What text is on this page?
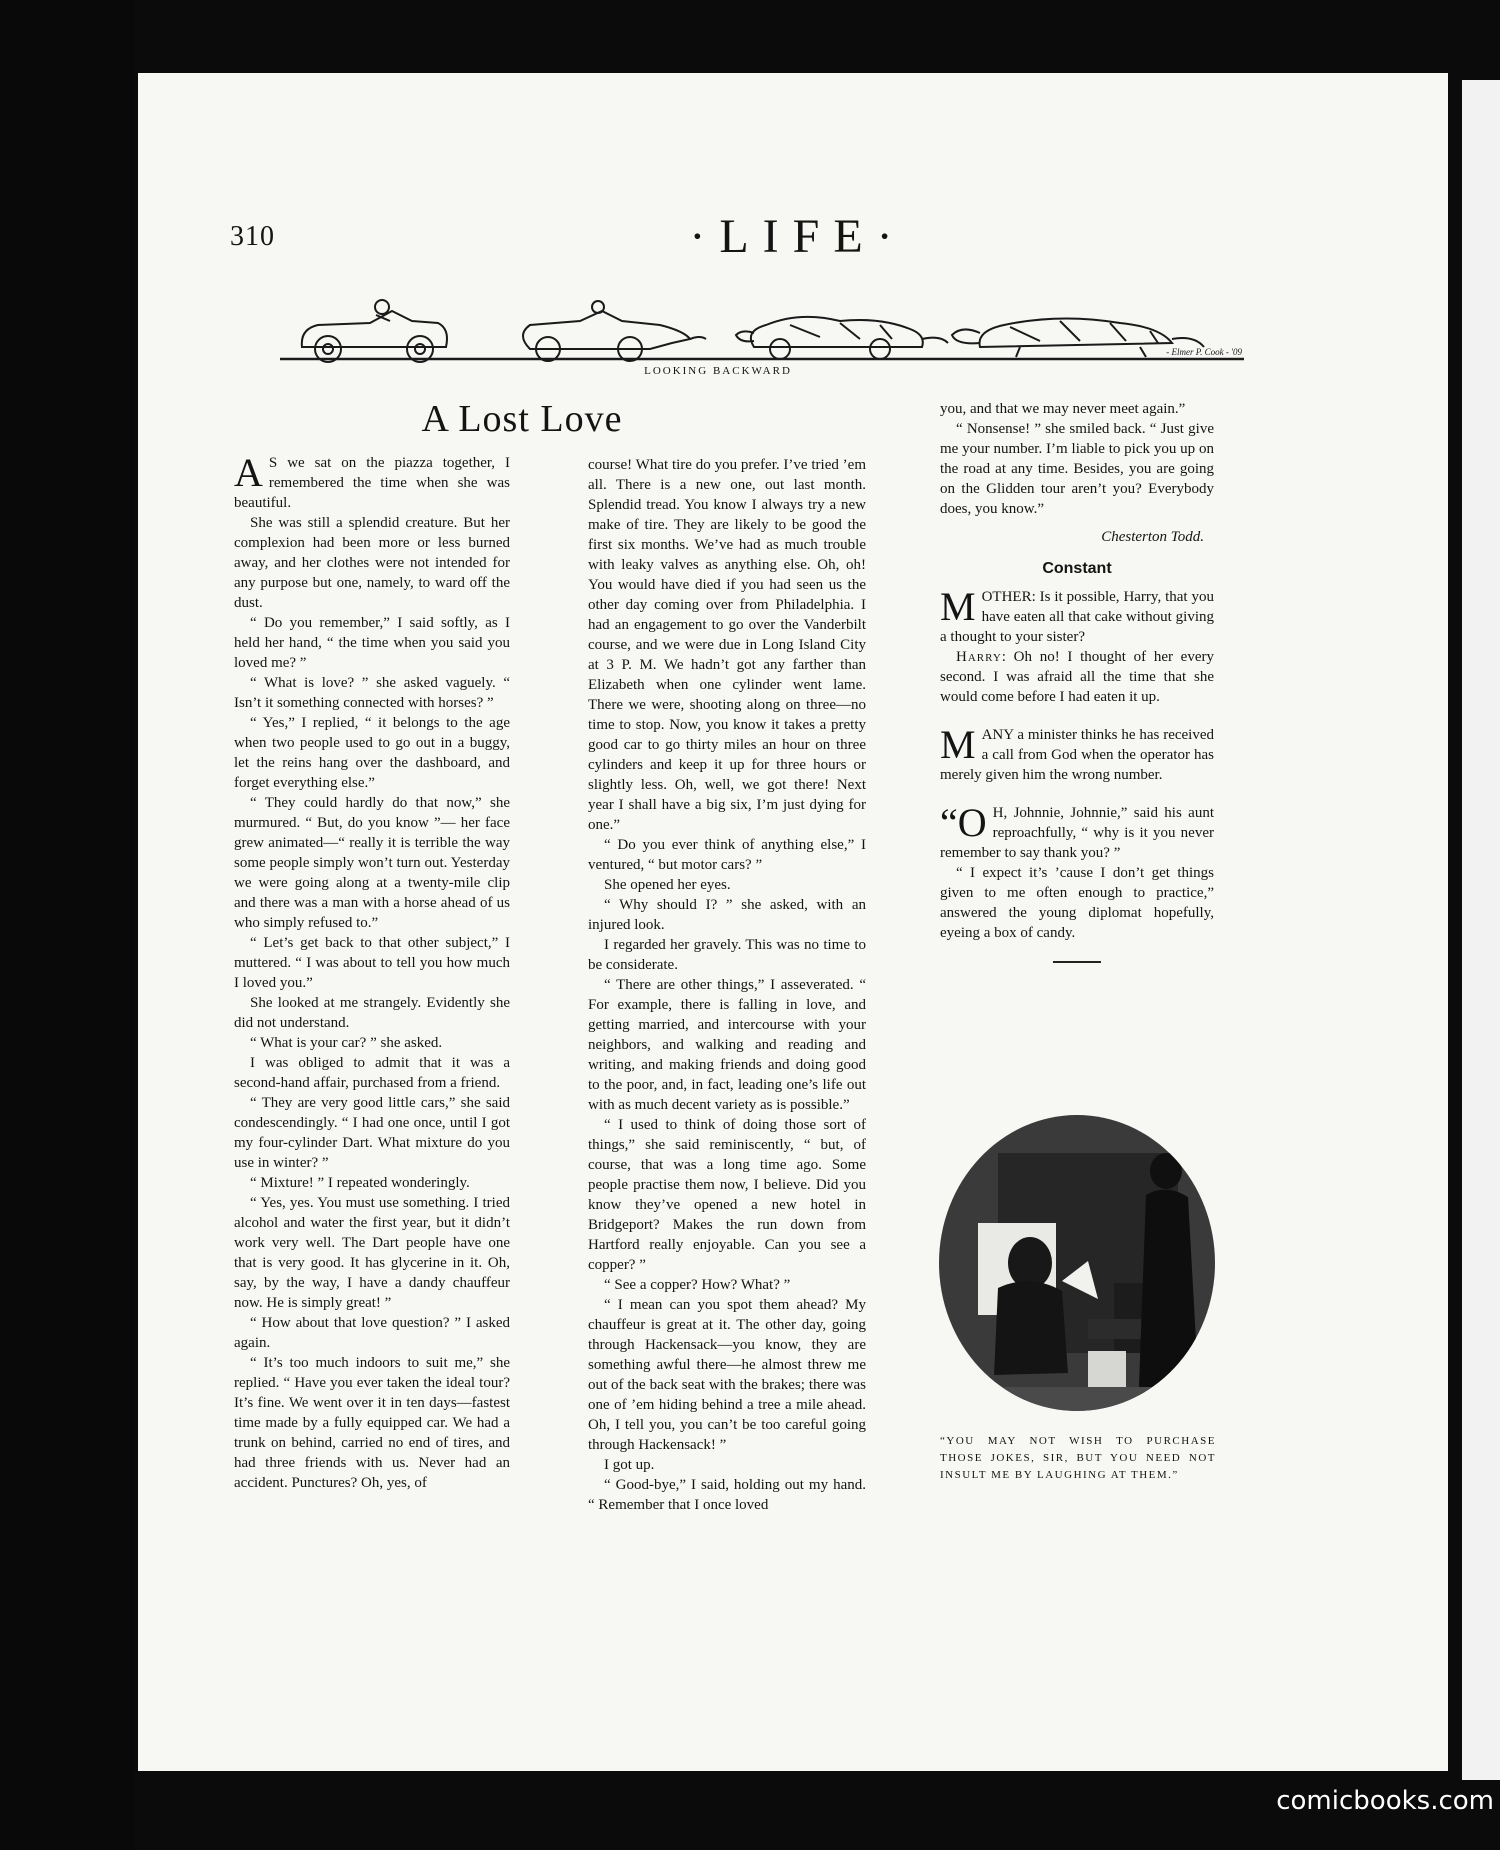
310	·LIFE·
- Elmer P. Cook - '09
LOOKING BACKWARD
A Lost Love

A S we sat on the piazza together, I remembered the time when she was beautiful.

She was still a splendid creature. But her complexion had been more or less burned away, and her clothes were not intended for any purpose but one, namely, to ward off the dust.

“ Do you remember,” I said softly, as I held her hand, “ the time when you said you loved me? ”

“ What is love? ” she asked vaguely. “ Isn’t it something connected with horses? ”

“ Yes,” I replied, “ it belongs to the age when two people used to go out in a buggy, let the reins hang over the dashboard, and forget everything else.”

“ They could hardly do that now,” she murmured. “ But, do you know ”— her face grew animated—“ really it is terrible the way some people simply won’t turn out. Yesterday we were going along at a twenty-mile clip and there was a man with a horse ahead of us who simply refused to.”

“ Let’s get back to that other subject,” I muttered. “ I was about to tell you how much I loved you.”

She looked at me strangely. Evidently she did not understand.

“ What is your car? ” she asked.

I was obliged to admit that it was a second-hand affair, purchased from a friend.

“ They are very good little cars,” she said condescendingly. “ I had one once, until I got my four-cylinder Dart. What mixture do you use in winter? ”

“ Mixture! ” I repeated wonderingly.

“ Yes, yes. You must use something. I tried alcohol and water the first year, but it didn’t work very well. The Dart people have one that is very good. It has glycerine in it. Oh, say, by the way, I have a dandy chauffeur now. He is simply great! ”

“ How about that love question? ” I asked again.

“ It’s too much indoors to suit me,” she replied. “ Have you ever taken the ideal tour? It’s fine. We went over it in ten days—fastest time made by a fully equipped car. We had a trunk on behind, carried no end of tires, and had three friends with us. Never had an accident. Punctures? Oh, yes, of

course! What tire do you prefer. I’ve tried ’em all. There is a new one, out last month. Splendid tread. You know I always try a new make of tire. They are likely to be good the first six months. We’ve had as much trouble with leaky valves as anything else. Oh, oh! You would have died if you had seen us the other day coming over from Philadelphia. I had an engagement to go over the Vanderbilt course, and we were due in Long Island City at 3 P. M. We hadn’t got any farther than Elizabeth when one cylinder went lame. There we were, shooting along on three—no time to stop. Now, you know it takes a pretty good car to go thirty miles an hour on three cylinders and keep it up for three hours or slightly less. Oh, well, we got there! Next year I shall have a big six, I’m just dying for one.”

“ Do you ever think of anything else,” I ventured, “ but motor cars? ”

She opened her eyes.

“ Why should I? ” she asked, with an injured look.

I regarded her gravely. This was no time to be considerate.

“ There are other things,” I asseverated. “ For example, there is falling in love, and getting married, and intercourse with your neighbors, and walking and reading and writing, and making friends and doing good to the poor, and, in fact, leading one’s life out with as much decent variety as is possible.”

“ I used to think of doing those sort of things,” she said reminiscently, “ but, of course, that was a long time ago. Some people practise them now, I believe. Did you know they’ve opened a new hotel in Bridgeport? Makes the run down from Hartford really enjoyable. Can you see a copper? ”

“ See a copper? How? What? ”

“ I mean can you spot them ahead? My chauffeur is great at it. The other day, going through Hackensack—you know, they are something awful there—he almost threw me out of the back seat with the brakes; there was one of ’em hiding behind a tree a mile ahead. Oh, I tell you, you can’t be too careful going through Hackensack! ”

I got up.

“ Good-bye,” I said, holding out my hand. “ Remember that I once loved

you, and that we may never meet again.”

“ Nonsense! ” she smiled back. “ Just give me your number. I’m liable to pick you up on the road at any time. Besides, you are going on the Glidden tour aren’t you? Everybody does, you know.”

Chesterton Todd.
Constant

MOTHER: Is it possible, Harry, that you have eaten all that cake without giving a thought to your sister?

Harry: Oh no! I thought of her every second. I was afraid all the time that she would come before I had eaten it up.

MANY a minister thinks he has received a call from God when the operator has merely given him the wrong number.

“O H, Johnnie, Johnnie,” said his aunt reproachfully, “ why is it you never remember to say thank you? ”

“ I expect it’s ’cause I don’t get things given to me often enough to practice,” answered the young diplomat hopefully, eyeing a box of candy.

“YOU MAY NOT WISH TO PURCHASE THOSE JOKES, SIR, BUT YOU NEED NOT INSULT ME BY LAUGHING AT THEM.”
comicbooks.com
